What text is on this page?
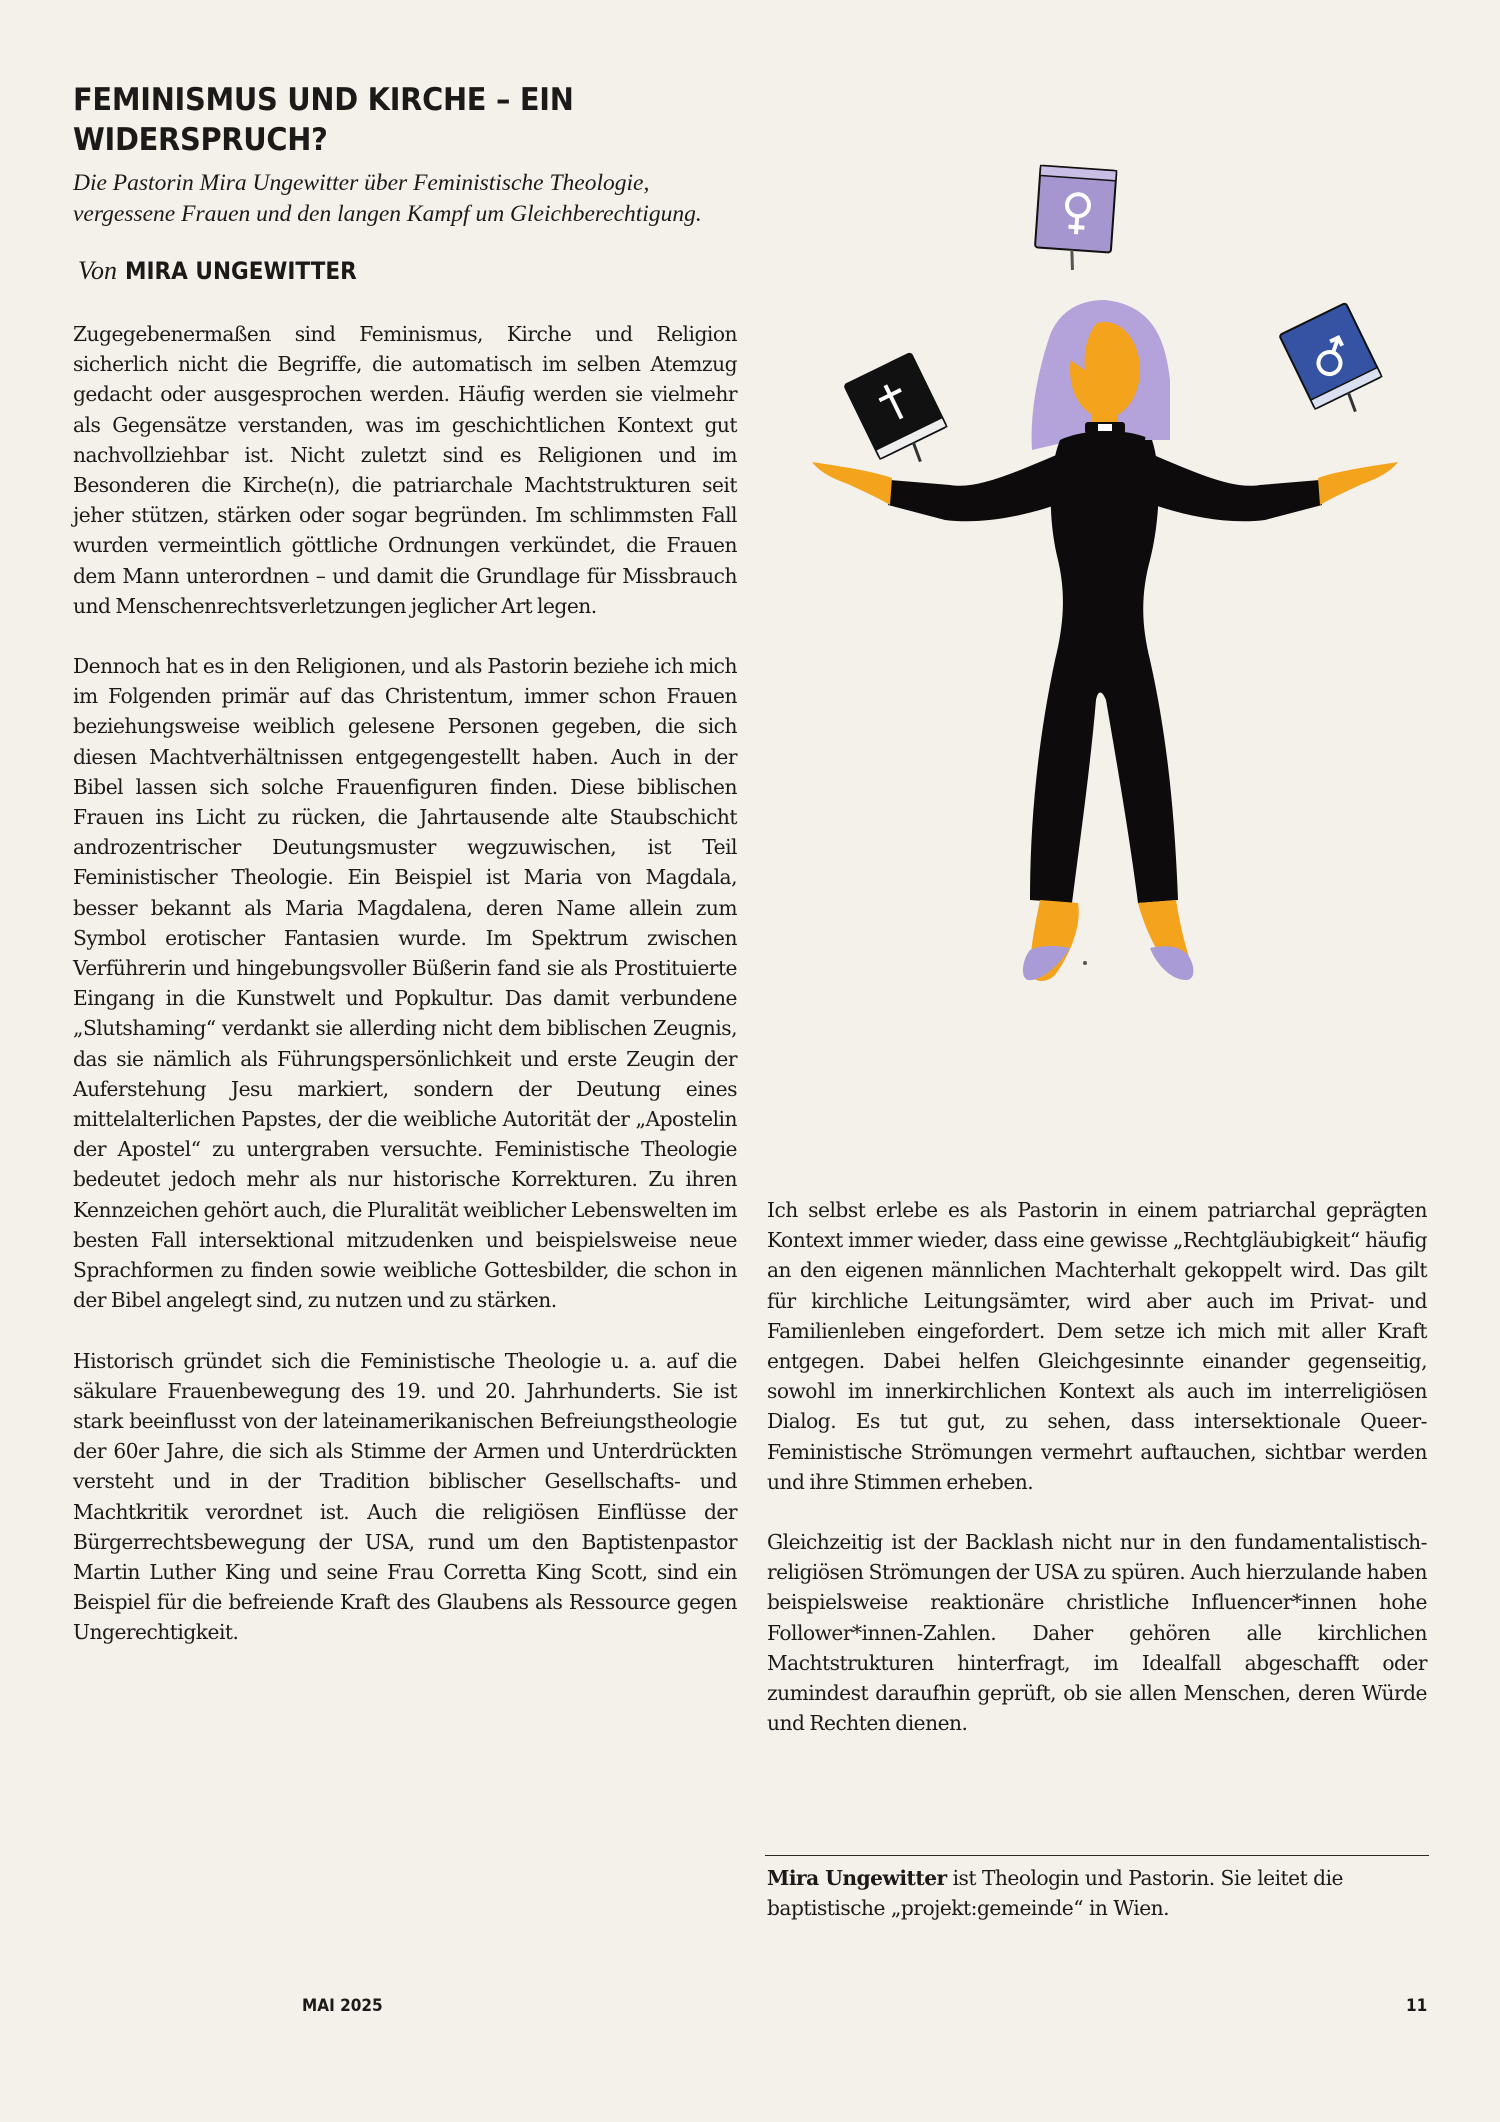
FEMINISMUS UND KIRCHE – EIN WIDERSPRUCH?

Die Pastorin Mira Ungewitter über Feministische Theologie, vergessene Frauen und den langen Kampf um Gleichberechtigung.

Von MIRA UNGEWITTER

Zugegebenermaßen sind Feminismus, Kirche und Religion sicherlich nicht die Begriffe, die automatisch im selben Atemzug gedacht oder ausgesprochen werden. Häufig werden sie vielmehr als Gegensätze verstanden, was im geschichtlichen Kontext gut nachvollziehbar ist. Nicht zuletzt sind es Religionen und im Besonderen die Kirche(n), die patriarchale Machtstrukturen seit jeher stützen, stärken oder sogar begründen. Im schlimmsten Fall wurden vermeintlich göttliche Ordnungen verkündet, die Frauen dem Mann unterordnen – und damit die Grundlage für Missbrauch und Menschenrechtsverletzungen jeglicher Art legen.

Dennoch hat es in den Religionen, und als Pastorin beziehe ich mich im Folgenden primär auf das Christentum, immer schon Frauen beziehungsweise weiblich gelesene Personen gegeben, die sich diesen Machtverhältnissen entgegengestellt haben. Auch in der Bibel lassen sich solche Frauenfiguren finden. Diese biblischen Frauen ins Licht zu rücken, die Jahrtausende alte Staubschicht androzentrischer Deutungsmuster wegzuwischen, ist Teil Feministischer Theologie. Ein Beispiel ist Maria von Magdala, besser bekannt als Maria Magdalena, deren Name allein zum Symbol erotischer Fantasien wurde. Im Spektrum zwischen Verführerin und hingebungsvoller Büßerin fand sie als Prostituierte Eingang in die Kunstwelt und Popkultur. Das damit verbundene „Slutshaming“ verdankt sie allerding nicht dem biblischen Zeugnis, das sie nämlich als Führungspersönlichkeit und erste Zeugin der Auferstehung Jesu markiert, sondern der Deutung eines mittelalterlichen Papstes, der die weibliche Autorität der „Apostelin der Apostel“ zu untergraben versuchte. Feministische Theologie bedeutet jedoch mehr als nur historische Korrekturen. Zu ihren Kennzeichen gehört auch, die Pluralität weiblicher Lebenswelten im besten Fall intersektional mitzudenken und beispielsweise neue Sprachformen zu finden sowie weibliche Gottesbilder, die schon in der Bibel angelegt sind, zu nutzen und zu stärken.

Historisch gründet sich die Feministische Theologie u. a. auf die säkulare Frauenbewegung des 19. und 20. Jahrhunderts. Sie ist stark beeinflusst von der lateinamerikanischen Befreiungstheologie der 60er Jahre, die sich als Stimme der Armen und Unterdrückten versteht und in der Tradition biblischer Gesellschafts- und Machtkritik verordnet ist. Auch die religiösen Einflüsse der Bürgerrechtsbewegung der USA, rund um den Baptistenpastor Martin Luther King und seine Frau Corretta King Scott, sind ein Beispiel für die befreiende Kraft des Glaubens als Ressource gegen Ungerechtigkeit.

Ich selbst erlebe es als Pastorin in einem patriarchal geprägten Kontext immer wieder, dass eine gewisse „Rechtgläubigkeit“ häufig an den eigenen männlichen Machterhalt gekoppelt wird. Das gilt für kirchliche Leitungsämter, wird aber auch im Privat- und Familienleben eingefordert. Dem setze ich mich mit aller Kraft entgegen. Dabei helfen Gleichgesinnte einander gegenseitig, sowohl im innerkirchlichen Kontext als auch im interreligiösen Dialog. Es tut gut, zu sehen, dass intersektionale Queer-Feministische Strömungen vermehrt auftauchen, sichtbar werden und ihre Stimmen erheben.

Gleichzeitig ist der Backlash nicht nur in den fundamentalistisch-religiösen Strömungen der USA zu spüren. Auch hierzulande haben beispielsweise reaktionäre christliche Influencer*innen hohe Follower*innen-Zahlen. Daher gehören alle kirchlichen Machtstrukturen hinterfragt, im Idealfall abgeschafft oder zumindest daraufhin geprüft, ob sie allen Menschen, deren Würde und Rechten dienen.

Mira Ungewitter ist Theologin und Pastorin. Sie leitet die baptistische „projekt:gemeinde“ in Wien.

MAI 2025	11
